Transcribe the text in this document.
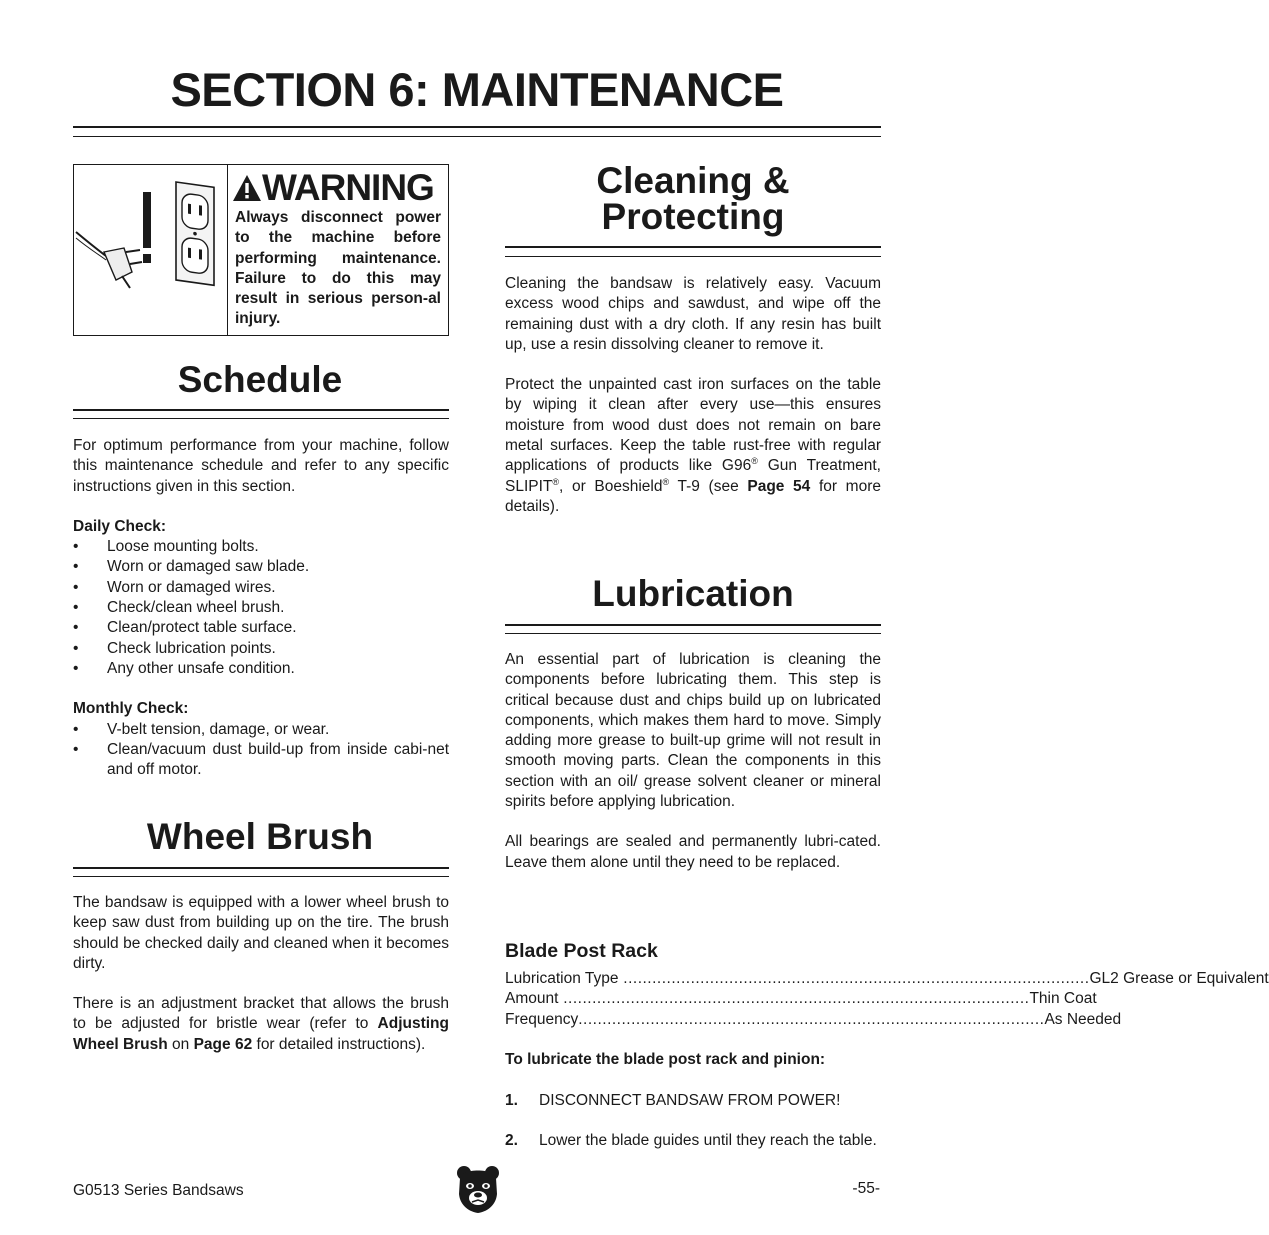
SECTION 6: MAINTENANCE
WARNING
Always disconnect power to the machine before performing maintenance. Failure to do this may result in serious person-al injury.
Schedule

For optimum performance from your machine, follow this maintenance schedule and refer to any specific instructions given in this section.

Daily Check:

• Loose mounting bolts.
• Worn or damaged saw blade.
• Worn or damaged wires.
• Check/clean wheel brush.
• Clean/protect table surface.
• Check lubrication points.
• Any other unsafe condition.

Monthly Check:

• V-belt tension, damage, or wear.
• Clean/vacuum dust build-up from inside cabi-net and off motor.
Wheel Brush

The bandsaw is equipped with a lower wheel brush to keep saw dust from building up on the tire. The brush should be checked daily and cleaned when it becomes dirty.

There is an adjustment bracket that allows the brush to be adjusted for bristle wear (refer to Adjusting Wheel Brush on Page 62 for detailed instructions).

Cleaning &
Protecting

Cleaning the bandsaw is relatively easy. Vacuum excess wood chips and sawdust, and wipe off the remaining dust with a dry cloth. If any resin has built up, use a resin dissolving cleaner to remove it.

Protect the unpainted cast iron surfaces on the table by wiping it clean after every use—this ensures moisture from wood dust does not remain on bare metal surfaces. Keep the table rust-free with regular applications of products like G96® Gun Treatment, SLIPIT®, or Boeshield® T-9 (see Page 54 for more details).

Lubrication

An essential part of lubrication is cleaning the components before lubricating them. This step is critical because dust and chips build up on lubricated components, which makes them hard to move. Simply adding more grease to built-up grime will not result in smooth moving parts. Clean the components in this section with an oil/ grease solvent cleaner or mineral spirits before applying lubrication.

All bearings are sealed and permanently lubri-cated. Leave them alone until they need to be replaced.

Blade Post Rack
Lubrication Type ................................................................................................. GL2 Grease or Equivalent
Amount ................................................................................................. Thin Coat
Frequency ................................................................................................. As Needed
To lubricate the blade post rack and pinion:
1. DISCONNECT BANDSAW FROM POWER!
2. Lower the blade guides until they reach the table.
G0513 Series Bandsaws	-55-
